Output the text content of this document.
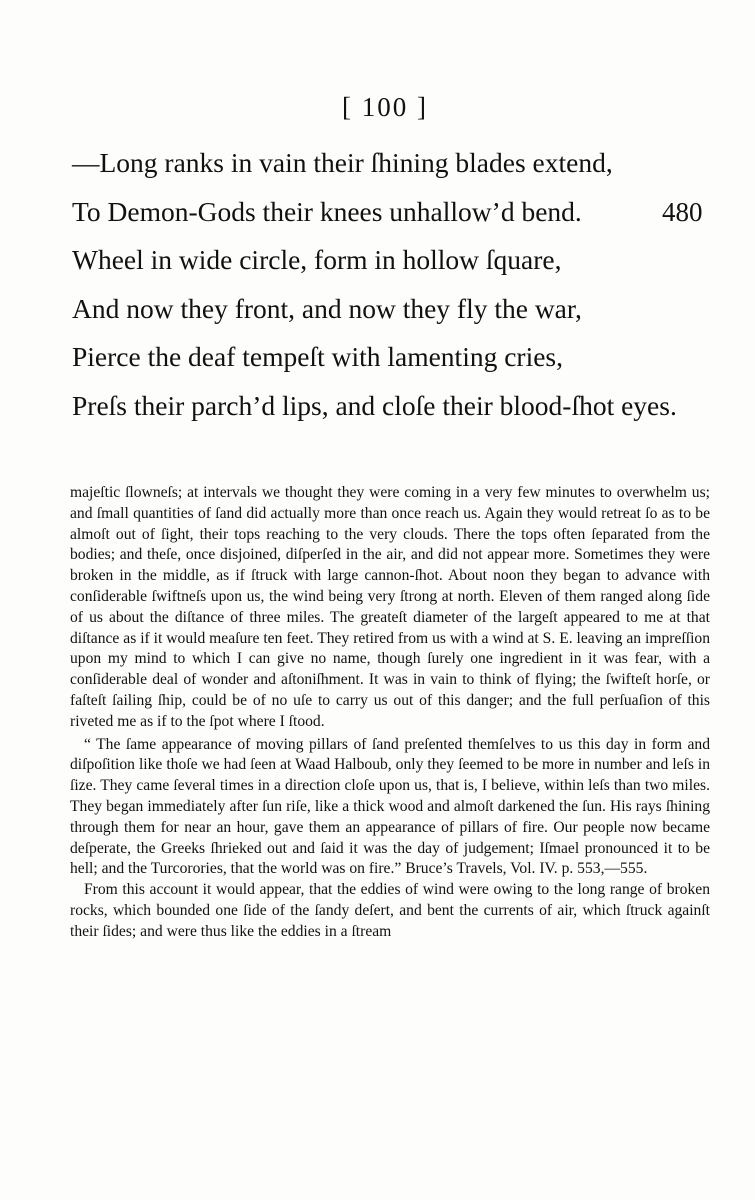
[ 100 ]
—Long ranks in vain their ſhining blades extend,
To Demon-Gods their knees unhallow’d bend.	480
Wheel in wide circle, form in hollow ſquare,
And now they front, and now they fly the war,
Pierce the deaf tempeſt with lamenting cries,
Preſs their parch’d lips, and cloſe their blood-ſhot eyes.

majeſtic ſlowneſs; at intervals we thought they were coming in a very few minutes to overwhelm us; and ſmall quantities of ſand did actually more than once reach us. Again they would retreat ſo as to be almoſt out of ſight, their tops reaching to the very clouds. There the tops often ſeparated from the bodies; and theſe, once disjoined, diſperſed in the air, and did not appear more. Sometimes they were broken in the middle, as if ſtruck with large cannon-ſhot. About noon they began to advance with conſiderable ſwiftneſs upon us, the wind being very ſtrong at north. Eleven of them ranged along ſide of us about the diſtance of three miles. The greateſt diameter of the largeſt appeared to me at that diſtance as if it would meaſure ten feet. They retired from us with a wind at S. E. leaving an impreſſion upon my mind to which I can give no name, though ſurely one ingredient in it was fear, with a conſiderable deal of wonder and aſtoniſhment. It was in vain to think of flying; the ſwifteſt horſe, or faſteſt ſailing ſhip, could be of no uſe to carry us out of this danger; and the full perſuaſion of this riveted me as if to the ſpot where I ſtood.

“ The ſame appearance of moving pillars of ſand preſented themſelves to us this day in form and diſpoſition like thoſe we had ſeen at Waad Halboub, only they ſeemed to be more in number and leſs in ſize. They came ſeveral times in a direction cloſe upon us, that is, I believe, within leſs than two miles. They began immediately after ſun riſe, like a thick wood and almoſt darkened the ſun. His rays ſhining through them for near an hour, gave them an appearance of pillars of fire. Our people now became deſperate, the Greeks ſhrieked out and ſaid it was the day of judgement; Iſmael pronounced it to be hell; and the Turcorories, that the world was on fire.” Bruce’s Travels, Vol. IV. p. 553,—555.

From this account it would appear, that the eddies of wind were owing to the long range of broken rocks, which bounded one ſide of the ſandy deſert, and bent the currents of air, which ſtruck againſt their ſides; and were thus like the eddies in a ſtream
